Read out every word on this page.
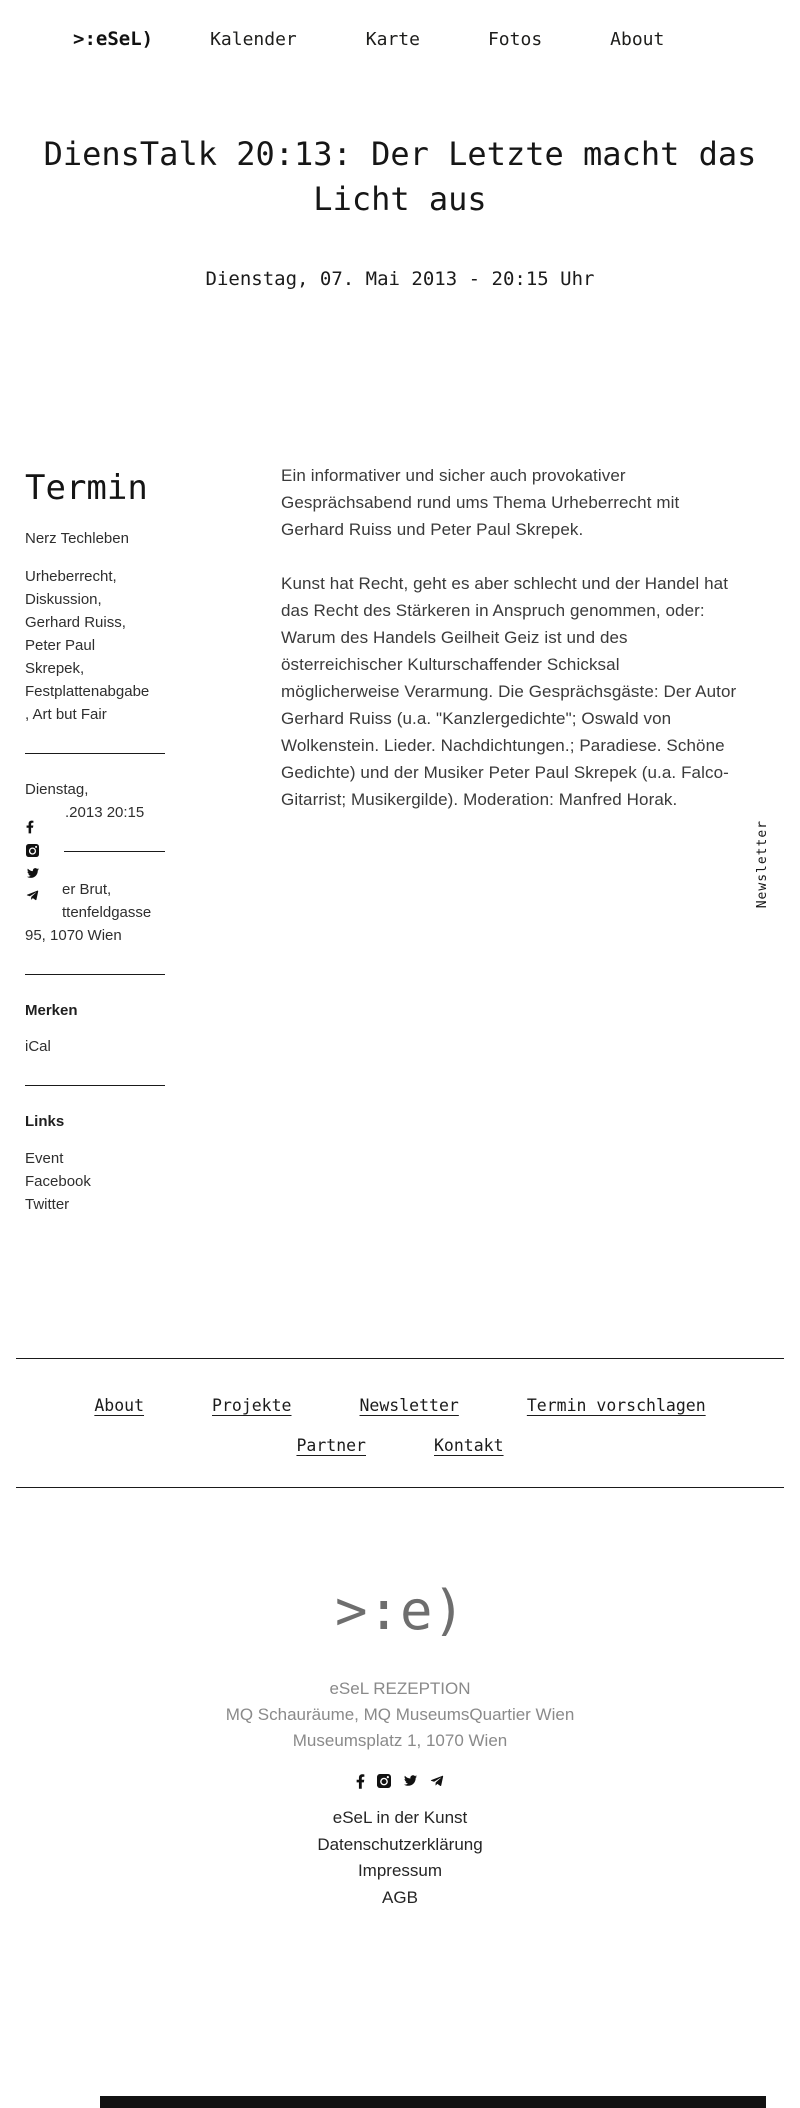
>:eSeL)	Kalender	Karte	Fotos	About
DiensTalk 20:13: Der Letzte macht das Licht aus
Dienstag, 07. Mai 2013 - 20:15 Uhr
Termin
Nerz Techleben
Urheberrecht,
Diskussion,
Gerhard Ruiss,
Peter Paul
Skrepek,
Festplattenabgabe
, Art but Fair
Dienstag,
.2013 20:15
er Brut,
ttenfeldgasse
95, 1070 Wien
Merken
iCal
Links
Event
Facebook
Twitter
Ein informativer und sicher auch provokativer
Gesprächsabend rund ums Thema Urheberrecht mit
Gerhard Ruiss und Peter Paul Skrepek.
Kunst hat Recht, geht es aber schlecht und der Handel hat
das Recht des Stärkeren in Anspruch genommen, oder:
Warum des Handels Geilheit Geiz ist und des
österreichischer Kulturschaffender Schicksal
möglicherweise Verarmung. Die Gesprächsgäste: Der Autor
Gerhard Ruiss (u.a. "Kanzlergedichte"; Oswald von
Wolkenstein. Lieder. Nachdichtungen.; Paradiese. Schöne
Gedichte) und der Musiker Peter Paul Skrepek (u.a. Falco-
Gitarrist; Musikergilde). Moderation: Manfred Horak.
Newsletter
About	Projekte	Newsletter	Termin vorschlagen
Partner	Kontakt
>:e)
eSeL REZEPTION
MQ Schauräume, MQ MuseumsQuartier Wien
Museumsplatz 1, 1070 Wien
eSeL in der Kunst
Datenschutzerklärung
Impressum
AGB
